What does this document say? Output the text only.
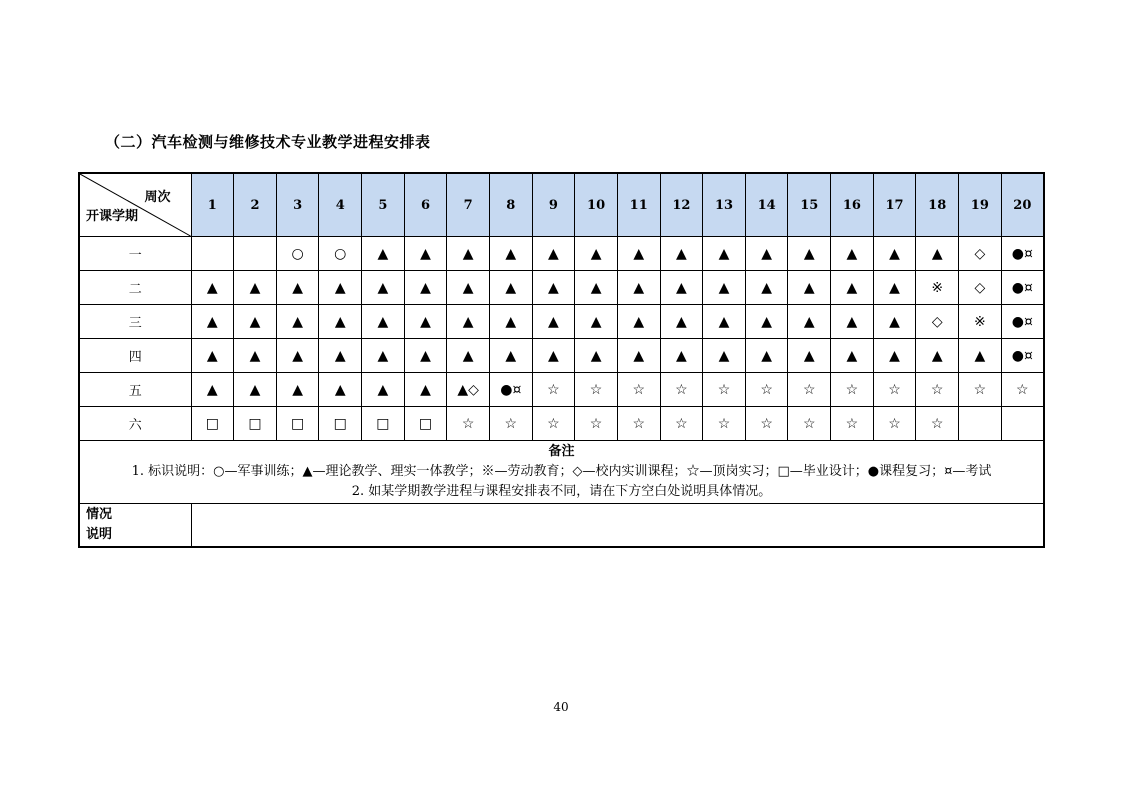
（二）汽车检测与维修技术专业教学进程安排表
周次
开课学期	1	2	3	4	5	6	7	8	9	10	11	12	13	14	15	16	17	18	19	20
一			○	○	▲	▲	▲	▲	▲	▲	▲	▲	▲	▲	▲	▲	▲	▲	◇	●¤
二	▲	▲	▲	▲	▲	▲	▲	▲	▲	▲	▲	▲	▲	▲	▲	▲	▲	※	◇	●¤
三	▲	▲	▲	▲	▲	▲	▲	▲	▲	▲	▲	▲	▲	▲	▲	▲	▲	◇	※	●¤
四	▲	▲	▲	▲	▲	▲	▲	▲	▲	▲	▲	▲	▲	▲	▲	▲	▲	▲	▲	●¤
五	▲	▲	▲	▲	▲	▲	▲◇	●¤	☆	☆	☆	☆	☆	☆	☆	☆	☆	☆	☆	☆
六	□	□	□	□	□	□	☆	☆	☆	☆	☆	☆	☆	☆	☆	☆	☆	☆		

备注
1. 标识说明：○—军事训练；▲—理论教学、理实一体教学；※—劳动教育；◇—校内实训课程；☆—顶岗实习；□—毕业设计；●课程复习；¤—考试
2. 如某学期教学进程与课程安排表不同，请在下方空白处说明具体情况。																				

情况
说明																				

40
